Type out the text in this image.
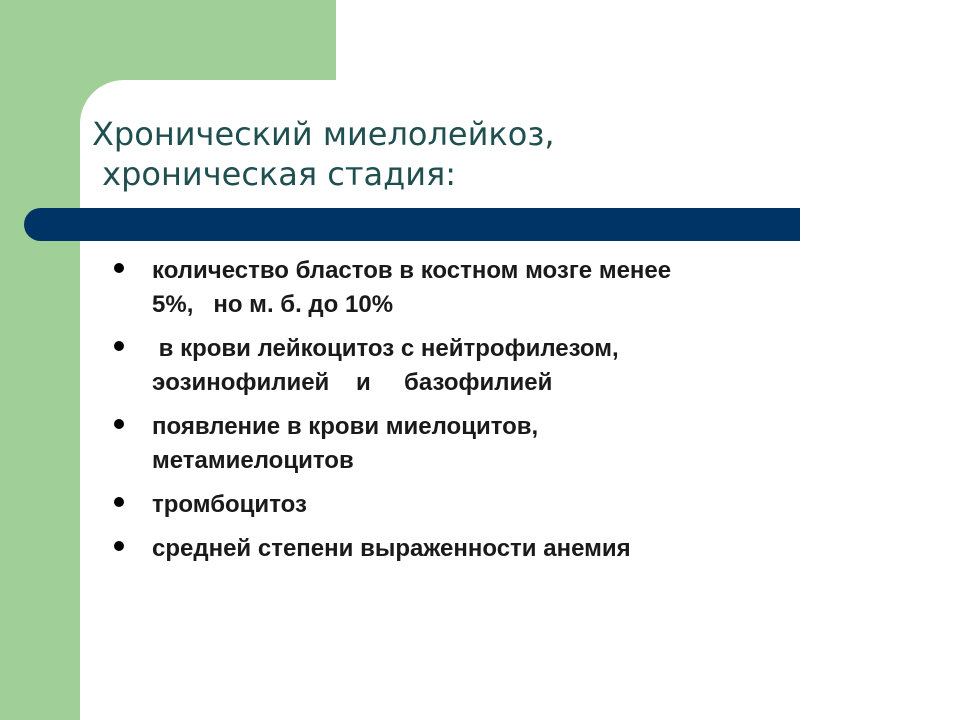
Хронический миелолейкоз,
хроническая стадия:
количество бластов в костном мозге менее
5%,   но м. б. до 10%
в крови лейкоцитоз с нейтрофилезом,
эозинофилией    и     базофилией
появление в крови миелоцитов,
метамиелоцитов
тромбоцитоз
средней степени выраженности анемия
